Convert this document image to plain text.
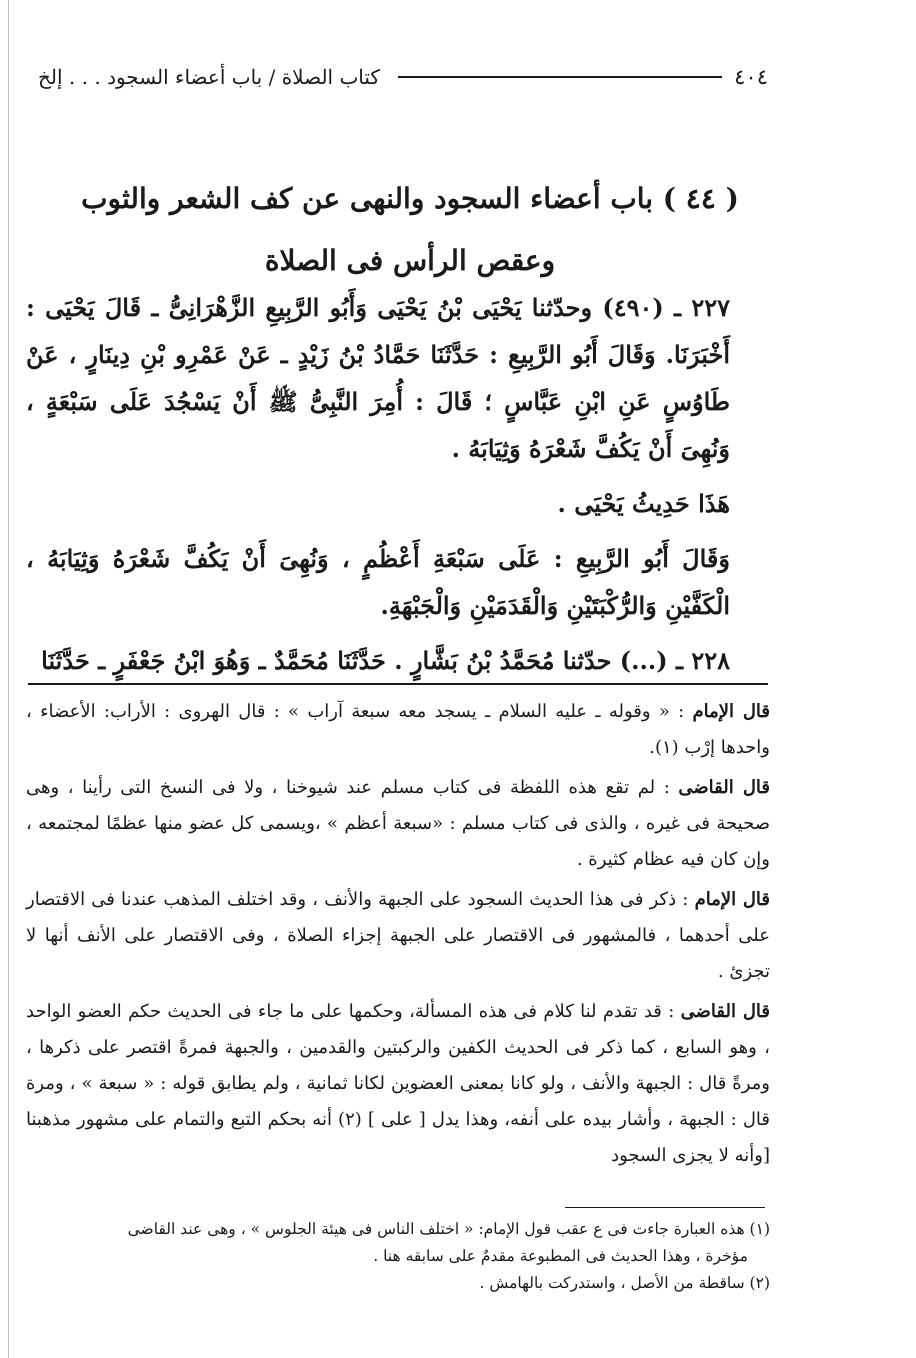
٤٠٤
كتاب الصلاة / باب أعضاء السجود . . . إلخ
( ٤٤ ) باب أعضاء السجود والنهى عن كف الشعر والثوب
وعقص الرأس فى الصلاة

٢٢٧ ـ (٤٩٠) وحدّثنا يَحْيَى بْنُ يَحْيَى وَأَبُو الرَّبِيعِ الزَّهْرَانِىُّ ـ قَالَ يَحْيَى : أَخْبَرَنَا. وَقَالَ أَبُو الرَّبِيعِ : حَدَّثَنَا حَمَّادُ بْنُ زَيْدٍ ـ عَنْ عَمْرِو بْنِ دِينَارٍ ، عَنْ طَاوُسٍ عَنِ ابْنِ عَبَّاسٍ ؛ قَالَ : أُمِرَ النَّبِىُّ ﷺ أَنْ يَسْجُدَ عَلَى سَبْعَةٍ ، وَنُهِىَ أَنْ يَكُفَّ شَعْرَهُ وَثِيَابَهُ .

هَذَا حَدِيثُ يَحْيَى .

وَقَالَ أَبُو الرَّبِيعِ : عَلَى سَبْعَةِ أَعْظُمٍ ، وَنُهِىَ أَنْ يَكُفَّ شَعْرَهُ وَثِيَابَهُ ، الْكَفَّيْنِ وَالرُّكْبَتَيْنِ وَالْقَدَمَيْنِ وَالْجَبْهَةِ.

٢٢٨ ـ (...) حدّثنا مُحَمَّدُ بْنُ بَشَّارٍ . حَدَّثَنَا مُحَمَّدٌ ـ وَهُوَ ابْنُ جَعْفَرٍ ـ حَدَّثَنَا

قال الإمام : « وقوله ـ عليه السلام ـ يسجد معه سبعة آراب » : قال الهروى : الأراب: الأعضاء ، واحدها إرْب (١).

قال القاضى : لم تقع هذه اللفظة فى كتاب مسلم عند شيوخنا ، ولا فى النسخ التى رأينا ، وهى صحيحة فى غيره ، والذى فى كتاب مسلم : «سبعة أعظم » ،ويسمى كل عضو منها عظمًا لمجتمعه ، وإن كان فيه عظام كثيرة .

قال الإمام : ذكر فى هذا الحديث السجود على الجبهة والأنف ، وقد اختلف المذهب عندنا فى الاقتصار على أحدهما ، فالمشهور فى الاقتصار على الجبهة إجزاء الصلاة ، وفى الاقتصار على الأنف أنها لا تجزئ .

قال القاضى : قد تقدم لنا كلام فى هذه المسألة، وحكمها على ما جاء فى الحديث حكم العضو الواحد ، وهو السابع ، كما ذكر فى الحديث الكفين والركبتين والقدمين ، والجبهة فمرةً اقتصر على ذكرها ، ومرةً قال : الجبهة والأنف ، ولو كانا بمعنى العضوين لكانا ثمانية ، ولم يطابق قوله : « سبعة » ، ومرة قال : الجبهة ، وأشار بيده على أنفه، وهذا يدل [ على ] (٢) أنه بحكم التبع والتمام على مشهور مذهبنا [وأنه لا يجزى السجود

(١) هذه العبارة جاءت فى ع عقب قول الإمام: « اختلف الناس فى هيئة الجلوس » ، وهى عند القاضى

مؤخرة ، وهذا الحديث فى المطبوعة مقدمٌ على سابقه هنا .

(٢) ساقطة من الأصل ، واستدركت بالهامش .
